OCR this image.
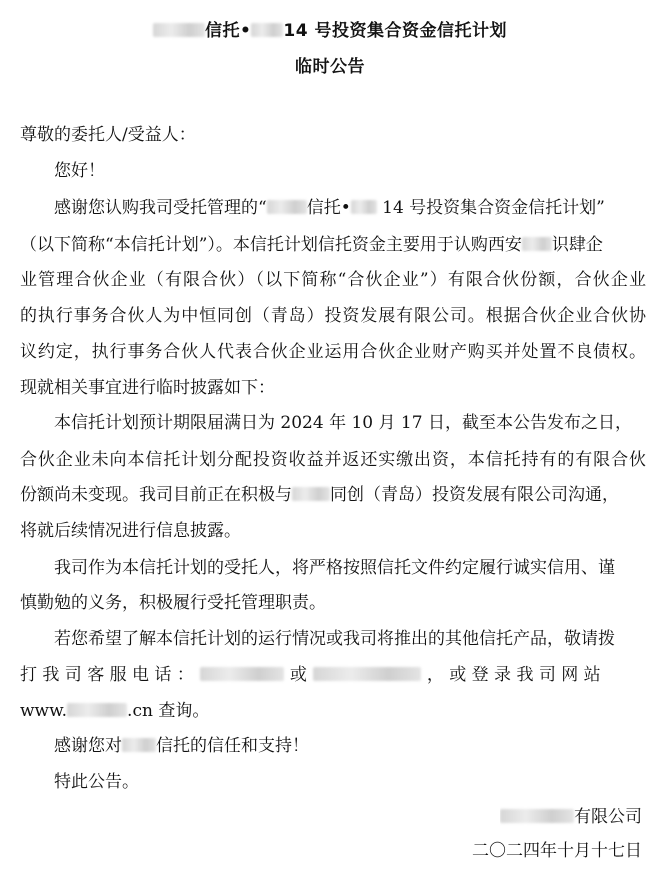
信托• 14 号投资集合资金信托计划
临时公告
尊敬的委托人/受益人：
您好！
感谢您认购我司受托管理的“ 信托• 14 号投资集合资金信托计划”
（以下简称“本信托计划”）。本信托计划信托资金主要用于认购西安 识肆企
业管理合伙企业（有限合伙）（以下简称“合伙企业”）有限合伙份额，合伙企业
的执行事务合伙人为中恒同创（青岛）投资发展有限公司。根据合伙企业合伙协
议约定，执行事务合伙人代表合伙企业运用合伙企业财产购买并处置不良债权。
现就相关事宜进行临时披露如下：
本信托计划预计期限届满日为 2024 年 10 月 17 日，截至本公告发布之日，
合伙企业未向本信托计划分配投资收益并返还实缴出资，本信托持有的有限合伙
份额尚未变现。我司目前正在积极与 同创（青岛）投资发展有限公司沟通，
将就后续情况进行信息披露。
我司作为本信托计划的受托人，将严格按照信托文件约定履行诚实信用、谨
慎勤勉的义务，积极履行受托管理职责。
若您希望了解本信托计划的运行情况或我司将推出的其他信托产品，敬请拨
打 我 司 客 服 电 话 ：	或	， 或 登 录 我 司 网 站
www.	.cn 查询。
感谢您对 信托的信任和支持！
特此公告。
有限公司
二〇二四年十月十七日
